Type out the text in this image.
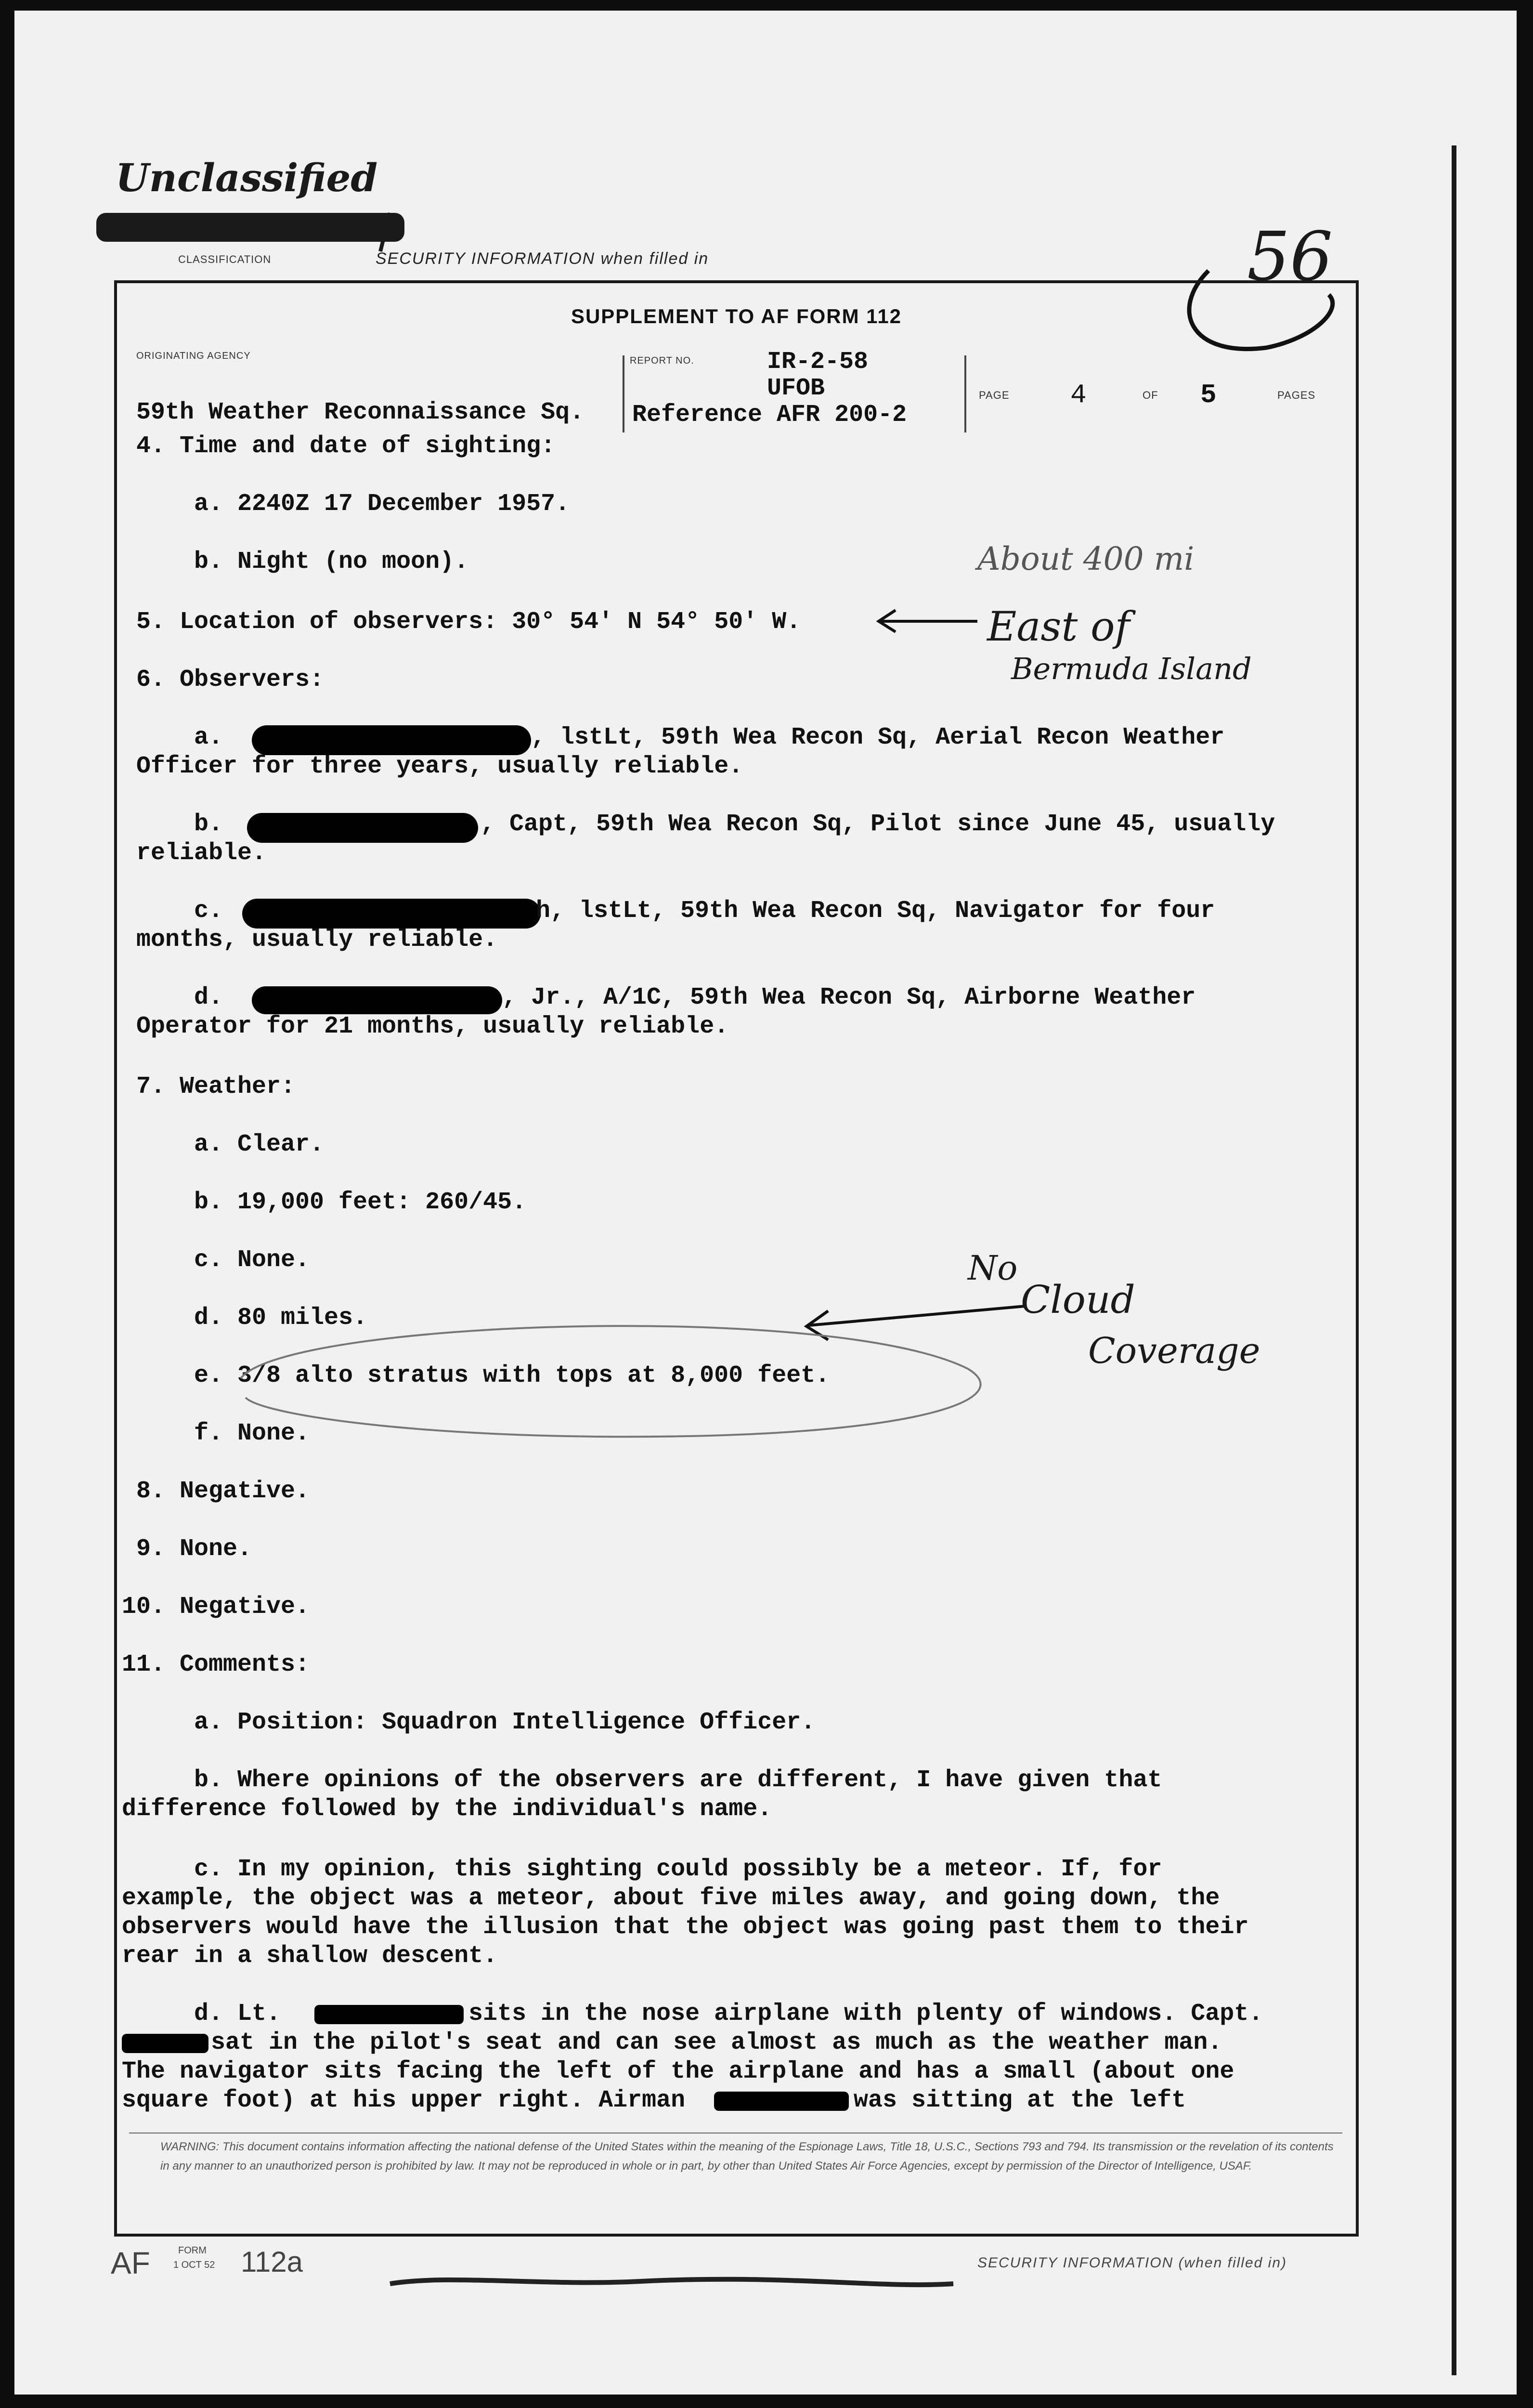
Unclassified
CLASSIFICATION	SECURITY INFORMATION when filled in	56
SUPPLEMENT TO AF FORM 112
ORIGINATING AGENCY
59th Weather Reconnaissance Sq.
REPORT NO.	IR-2-58
UFOB
Reference AFR 200-2
PAGE 4	OF 5	PAGES
4. Time and date of sighting:
a. 2240Z 17 December 1957.
b. Night (no moon).
5. Location of observers: 30° 54' N 54° 50' W.
6. Observers:
a.	, lstLt, 59th Wea Recon Sq, Aerial Recon Weather
Officer for three years, usually reliable.
b.	, Capt, 59th Wea Recon Sq, Pilot since June 45, usually
reliable.
c.	h, lstLt, 59th Wea Recon Sq, Navigator for four
months, usually reliable.
d.	, Jr., A/1C, 59th Wea Recon Sq, Airborne Weather
Operator for 21 months, usually reliable.
7. Weather:
a. Clear.
b. 19,000 feet: 260/45.
c. None.
d. 80 miles.
e. 3/8 alto stratus with tops at 8,000 feet.
f. None.
8. Negative.
9. None.
10. Negative.
11. Comments:
a. Position: Squadron Intelligence Officer.
b. Where opinions of the observers are different, I have given that
difference followed by the individual's name.
c. In my opinion, this sighting could possibly be a meteor. If, for
example, the object was a meteor, about five miles away, and going down, the
observers would have the illusion that the object was going past them to their
rear in a shallow descent.
d. Lt.	sits in the nose airplane with plenty of windows. Capt.
sat in the pilot's seat and can see almost as much as the weather man.
The navigator sits facing the left of the airplane and has a small (about one
square foot) at his upper right. Airman	was sitting at the left
WARNING: This document contains information affecting the national defense of the United States within the meaning of the Espionage Laws, Title 18, U.S.C., Sections 793 and 794. Its transmission or the revelation of its contents in any manner to an unauthorized person is prohibited by law. It may not be reproduced in whole or in part, by other than United States Air Force Agencies, except by permission of the Director of Intelligence, USAF.
About 400 mi
East of
Bermuda Island
No
Cloud
Coverage
AF	FORM
1 OCT 52 112a	SECURITY INFORMATION (when filled in)
